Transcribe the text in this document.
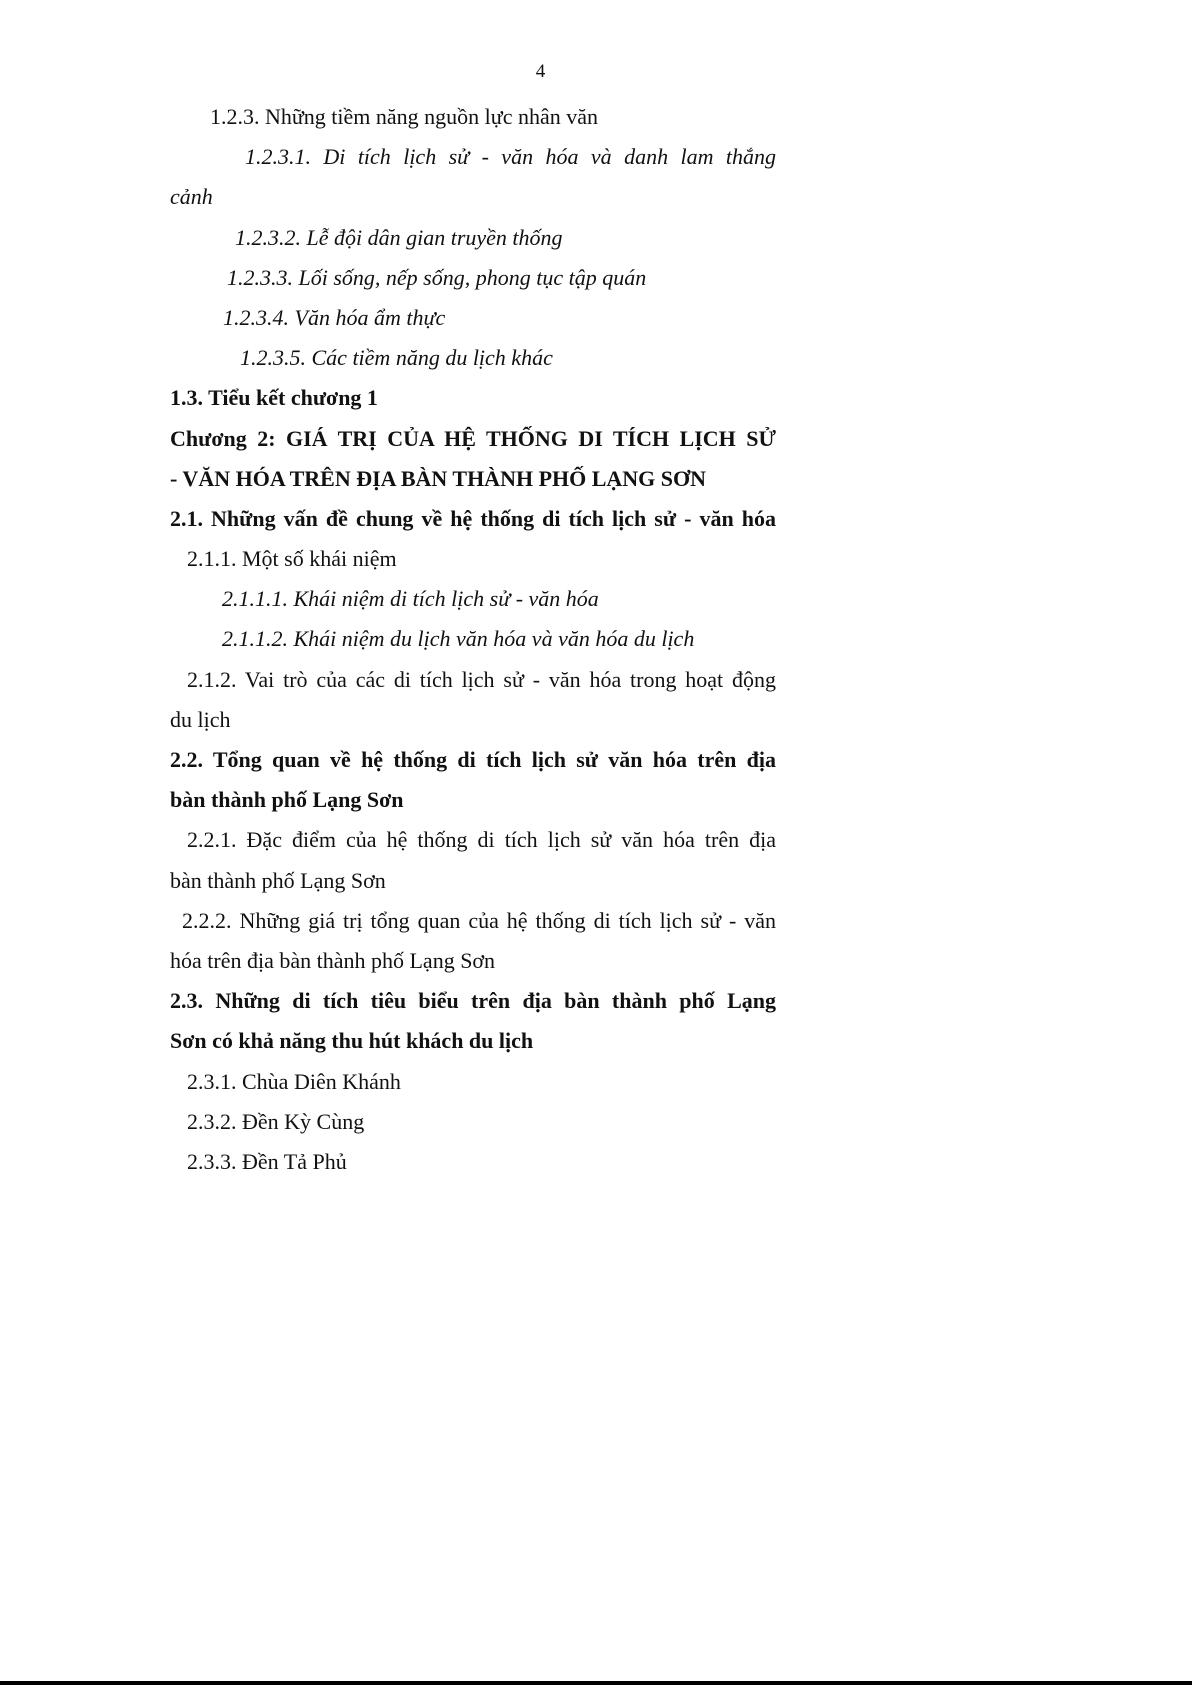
4
1.2.3. Những tiềm năng nguồn lực nhân văn
1.2.3.1. Di tích lịch sử - văn hóa và danh lam thắng
cảnh
1.2.3.2. Lễ đội dân gian truyền thống
1.2.3.3. Lối sống, nếp sống, phong tục tập quán
1.2.3.4. Văn hóa ẩm thực
1.2.3.5. Các tiềm năng du lịch khác
1.3. Tiểu kết chương 1
Chương 2: GIÁ TRỊ CỦA HỆ THỐNG DI TÍCH LỊCH SỬ
- VĂN HÓA TRÊN ĐỊA BÀN THÀNH PHỐ LẠNG SƠN
2.1. Những vấn đề chung về hệ thống di tích lịch sử - văn hóa
2.1.1. Một số khái niệm
2.1.1.1. Khái niệm di tích lịch sử - văn hóa
2.1.1.2. Khái niệm du lịch văn hóa và văn hóa du lịch
2.1.2. Vai trò của các di tích lịch sử - văn hóa trong hoạt động
du lịch
2.2. Tổng quan về hệ thống di tích lịch sử văn hóa trên địa
bàn thành phố Lạng Sơn
2.2.1. Đặc điểm của hệ thống di tích lịch sử văn hóa trên địa
bàn thành phố Lạng Sơn
2.2.2. Những giá trị tổng quan của hệ thống di tích lịch sử - văn
hóa trên địa bàn thành phố Lạng Sơn
2.3. Những di tích tiêu biểu trên địa bàn thành phố Lạng
Sơn có khả năng thu hút khách du lịch
2.3.1. Chùa Diên Khánh
2.3.2. Đền Kỳ Cùng
2.3.3. Đền Tả Phủ
